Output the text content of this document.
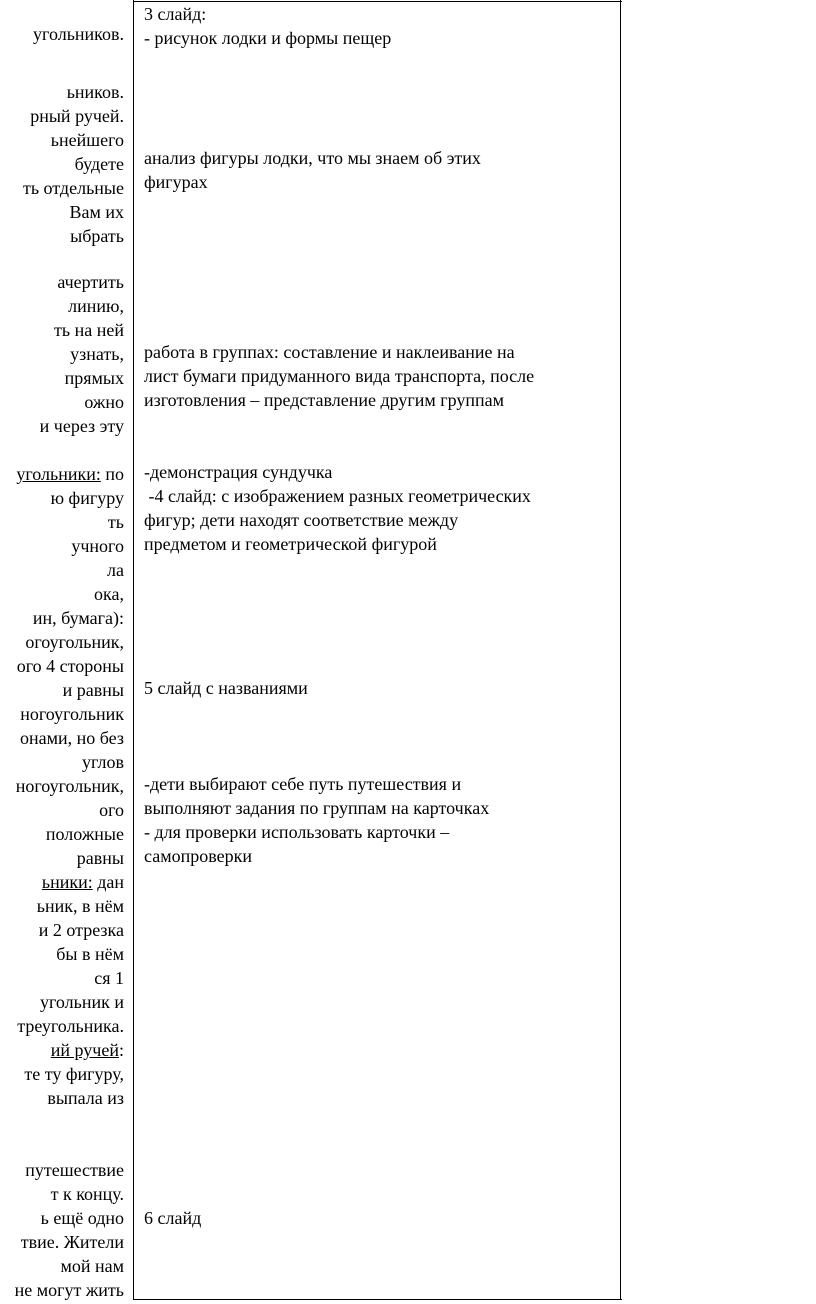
угольников.
ьников.
рный ручей.
ьнейшего
будете
ть отдельные
Вам их
ыбрать
ачертить
линию,
ть на ней
узнать,
прямых
ожно
и через эту
угольники: по
ю фигуру
ть
учного
ла
ока,
ин, бумага):
огоугольник,
ого 4 стороны
и равны
ногоугольник
онами, но без
углов
ногоугольник,
ого
положные
равны
ьники: дан
ьник, в нём
и 2 отрезка
бы в нём
ся 1
угольник и
треугольника.
ий ручей:
те ту фигуру,
выпала из
путешествие
т к концу.
ь ещё одно
твие. Жители
мой нам
не могут жить
3 слайд:
- рисунок лодки и формы пещер
анализ фигуры лодки, что мы знаем об этих
фигурах
работа в группах: составление и наклеивание на
лист бумаги придуманного вида транспорта, после
изготовления – представление другим группам
-демонстрация сундучка
-4 слайд: с изображением разных геометрических
фигур; дети находят соответствие между
предметом и геометрической фигурой
5 слайд с названиями
-дети выбирают себе путь путешествия и
выполняют задания по группам на карточках
- для проверки использовать карточки –
самопроверки
6 слайд
